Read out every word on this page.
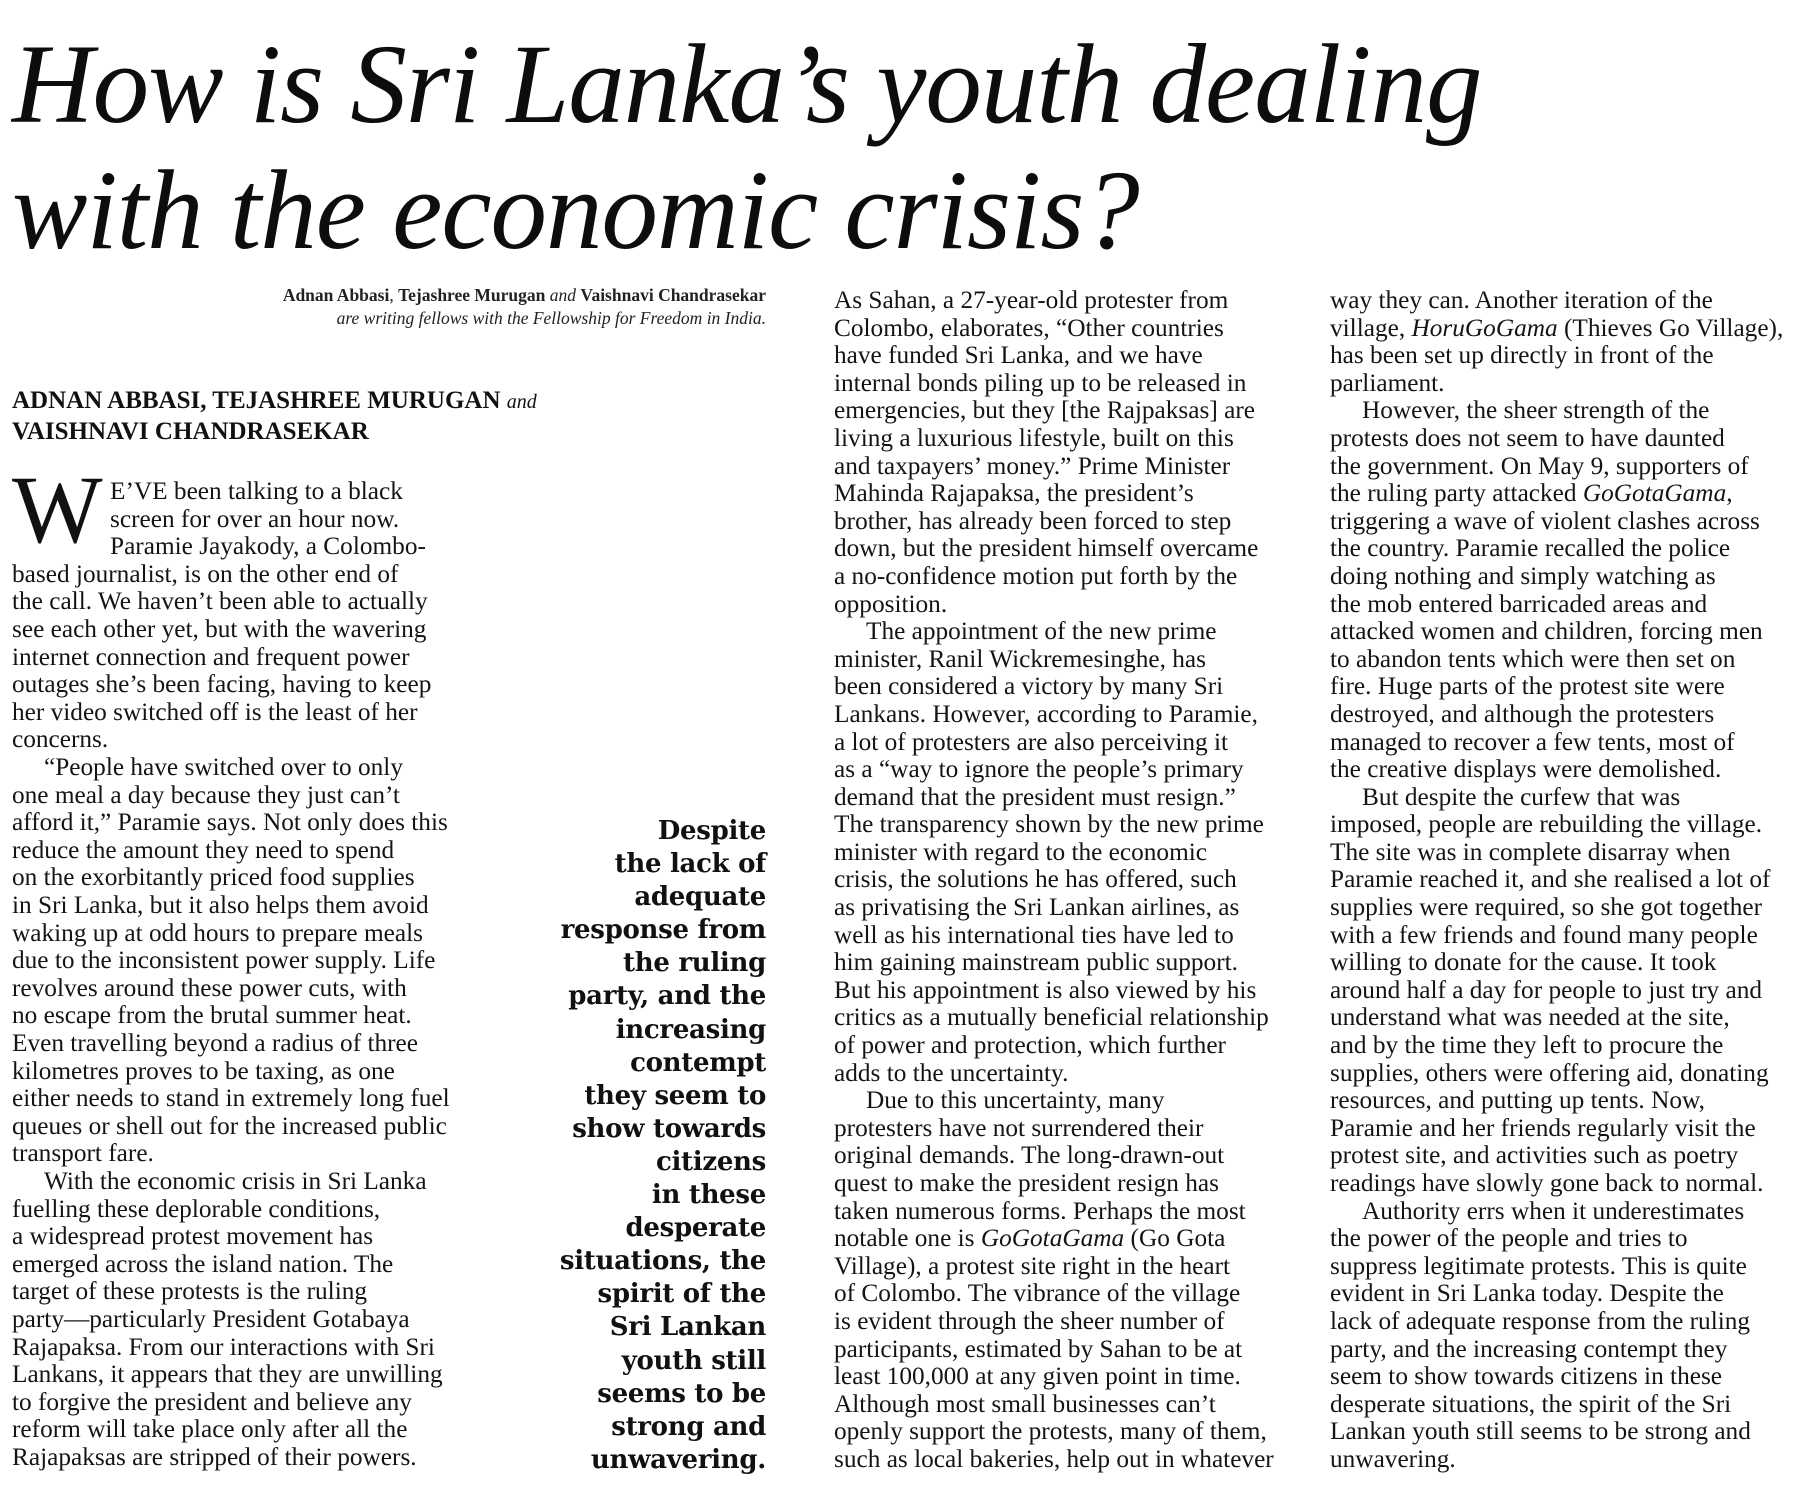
How is Sri Lanka’s youth dealing
with the economic crisis?
Adnan Abbasi, Tejashree Murugan and Vaishnavi Chandrasekar
are writing fellows with the Fellowship for Freedom in India.
ADNAN ABBASI, TEJASHREE MURUGAN and
VAISHNAVI CHANDRASEKAR
W E’VE been talking to a black
screen for over an hour now.
Paramie Jayakody, a Colombo-
based journalist, is on the other end of
the call. We haven’t been able to actually
see each other yet, but with the wavering
internet connection and frequent power
outages she’s been facing, having to keep
her video switched off is the least of her
concerns.
“People have switched over to only
one meal a day because they just can’t
afford it,” Paramie says. Not only does this
reduce the amount they need to spend
on the exorbitantly priced food supplies
in Sri Lanka, but it also helps them avoid
waking up at odd hours to prepare meals
due to the inconsistent power supply. Life
revolves around these power cuts, with
no escape from the brutal summer heat.
Even travelling beyond a radius of three
kilometres proves to be taxing, as one
either needs to stand in extremely long fuel
queues or shell out for the increased public
transport fare.
With the economic crisis in Sri Lanka
fuelling these deplorable conditions,
a widespread protest movement has
emerged across the island nation. The
target of these protests is the ruling
party—particularly President Gotabaya
Rajapaksa. From our interactions with Sri
Lankans, it appears that they are unwilling
to forgive the president and believe any
reform will take place only after all the
Rajapaksas are stripped of their powers.
Despite
the lack of
adequate
response from
the ruling
party, and the
increasing
contempt
they seem to
show towards
citizens
in these
desperate
situations, the
spirit of the
Sri Lankan
youth still
seems to be
strong and
unwavering.
As Sahan, a 27-year-old protester from
Colombo, elaborates, “Other countries
have funded Sri Lanka, and we have
internal bonds piling up to be released in
emergencies, but they [the Rajpaksas] are
living a luxurious lifestyle, built on this
and taxpayers’ money.” Prime Minister
Mahinda Rajapaksa, the president’s
brother, has already been forced to step
down, but the president himself overcame
a no-confidence motion put forth by the
opposition.
The appointment of the new prime
minister, Ranil Wickremesinghe, has
been considered a victory by many Sri
Lankans. However, according to Paramie,
a lot of protesters are also perceiving it
as a “way to ignore the people’s primary
demand that the president must resign.”
The transparency shown by the new prime
minister with regard to the economic
crisis, the solutions he has offered, such
as privatising the Sri Lankan airlines, as
well as his international ties have led to
him gaining mainstream public support.
But his appointment is also viewed by his
critics as a mutually beneficial relationship
of power and protection, which further
adds to the uncertainty.
Due to this uncertainty, many
protesters have not surrendered their
original demands. The long-drawn-out
quest to make the president resign has
taken numerous forms. Perhaps the most
notable one is GoGotaGama (Go Gota
Village), a protest site right in the heart
of Colombo. The vibrance of the village
is evident through the sheer number of
participants, estimated by Sahan to be at
least 100,000 at any given point in time.
Although most small businesses can’t
openly support the protests, many of them,
such as local bakeries, help out in whatever
way they can. Another iteration of the
village, HoruGoGama (Thieves Go Village),
has been set up directly in front of the
parliament.
However, the sheer strength of the
protests does not seem to have daunted
the government. On May 9, supporters of
the ruling party attacked GoGotaGama,
triggering a wave of violent clashes across
the country. Paramie recalled the police
doing nothing and simply watching as
the mob entered barricaded areas and
attacked women and children, forcing men
to abandon tents which were then set on
fire. Huge parts of the protest site were
destroyed, and although the protesters
managed to recover a few tents, most of
the creative displays were demolished.
But despite the curfew that was
imposed, people are rebuilding the village.
The site was in complete disarray when
Paramie reached it, and she realised a lot of
supplies were required, so she got together
with a few friends and found many people
willing to donate for the cause. It took
around half a day for people to just try and
understand what was needed at the site,
and by the time they left to procure the
supplies, others were offering aid, donating
resources, and putting up tents. Now,
Paramie and her friends regularly visit the
protest site, and activities such as poetry
readings have slowly gone back to normal.
Authority errs when it underestimates
the power of the people and tries to
suppress legitimate protests. This is quite
evident in Sri Lanka today. Despite the
lack of adequate response from the ruling
party, and the increasing contempt they
seem to show towards citizens in these
desperate situations, the spirit of the Sri
Lankan youth still seems to be strong and
unwavering.
